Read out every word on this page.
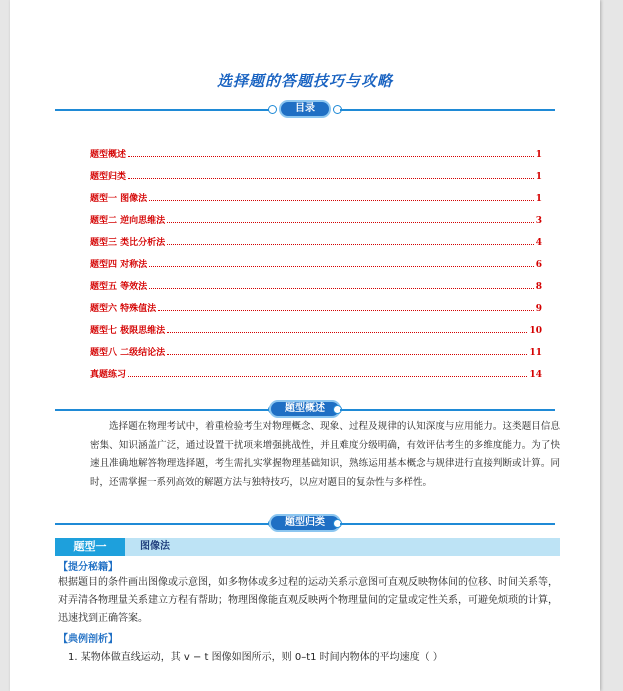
选择题的答题技巧与攻略
目录
题型概述	1
题型归类	1
题型一 图像法	1
题型二 逆向思维法	3
题型三 类比分析法	4
题型四 对称法	6
题型五 等效法	8
题型六 特殊值法	9
题型七 极限思维法	10
题型八 二级结论法	11
真题练习	14
题型概述
选择题在物理考试中，着重检验考生对物理概念、现象、过程及规律的认知深度与应用能力。这类题目信息密集、知识涵盖广泛，通过设置干扰项来增强挑战性，并且难度分级明确，有效评估考生的多维度能力。为了快速且准确地解答物理选择题，考生需扎实掌握物理基础知识，熟练运用基本概念与规律进行直接判断或计算。同时，还需掌握一系列高效的解题方法与独特技巧，以应对题目的复杂性与多样性。
题型归类
题型一	图像法
【提分秘籍】
根据题目的条件画出图像或示意图，如多物体或多过程的运动关系示意图可直观反映物体间的位移、时间关系等，对弄清各物理量关系建立方程有帮助；物理图像能直观反映两个物理量间的定量或定性关系，可避免烦琐的计算，迅速找到正确答案。
【典例剖析】
1. 某物体做直线运动，其 v − t 图像如图所示，则 0–t1 时间内物体的平均速度（ ）
